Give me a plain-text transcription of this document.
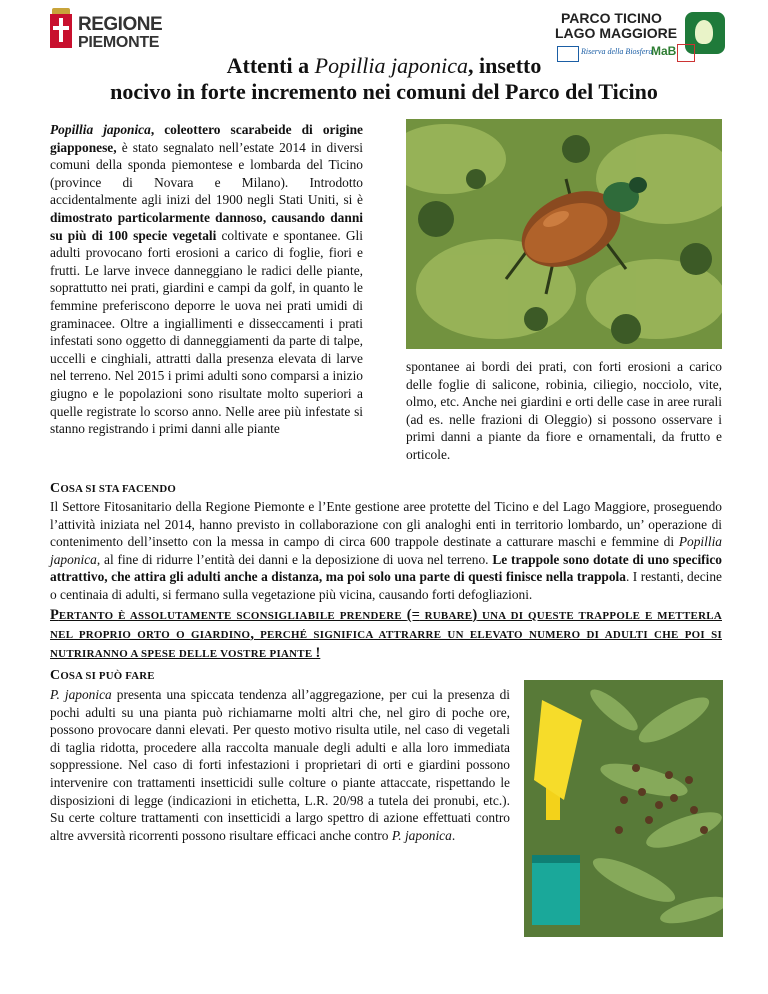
REGIONE
PIEMONTE
PARCO TICINO
LAGO MAGGIORE
Riserva della Biosfera
MaB
Attenti a Popillia japonica, insetto
nocivo in forte incremento nei comuni del Parco del Ticino
Popillia japonica, coleottero scarabeide di origine giapponese, è stato segnalato nell’estate 2014 in diversi comuni della sponda piemontese e lombarda del Ticino (province di Novara e Milano). Introdotto accidentalmente agli inizi del 1900 negli Stati Uniti, si è dimostrato particolarmente dannoso, causando danni su più di 100 specie vegetali coltivate e spontanee. Gli adulti provocano forti erosioni a carico di foglie, fiori e frutti. Le larve invece danneggiano le radici delle piante, soprattutto nei prati, giardini e campi da golf, in quanto le femmine preferiscono deporre le uova nei prati umidi di graminacee. Oltre a ingiallimenti e disseccamenti i prati infestati sono oggetto di danneggiamenti da parte di talpe, uccelli e cinghiali, attratti dalla presenza elevata di larve nel terreno. Nel 2015 i primi adulti sono comparsi a inizio giugno e le popolazioni sono risultate molto superiori a quelle registrate lo scorso anno. Nelle aree più infestate si stanno registrando i primi danni alle piante
spontanee ai bordi dei prati, con forti erosioni a carico delle foglie di salicone, robinia, ciliegio, nocciolo, vite, olmo, etc. Anche nei giardini e orti delle case in aree rurali (ad es. nelle frazioni di Oleggio) si possono osservare i primi danni a piante da fiore e ornamentali, da frutto e orticole.
COSA SI STA FACENDO
Il Settore Fitosanitario della Regione Piemonte e l’Ente gestione aree protette del Ticino e del Lago Maggiore, proseguendo l’attività iniziata nel 2014, hanno previsto in collaborazione con gli analoghi enti in territorio lombardo, un’ operazione di contenimento dell’insetto con la messa in campo di circa 600 trappole destinate a catturare maschi e femmine di Popillia japonica, al fine di ridurre l’entità dei danni e la deposizione di uova nel terreno. Le trappole sono dotate di uno specifico attrattivo, che attira gli adulti anche a distanza, ma poi solo una parte di questi finisce nella trappola. I restanti, decine o centinaia di adulti, si fermano sulla vegetazione più vicina, causando forti defogliazioni.
PERTANTO È ASSOLUTAMENTE SCONSIGLIABILE PRENDERE (= RUBARE) UNA DI QUESTE TRAPPOLE E METTERLA NEL PROPRIO ORTO O GIARDINO, PERCHÉ SIGNIFICA ATTRARRE UN ELEVATO NUMERO DI ADULTI CHE POI SI NUTRIRANNO A SPESE DELLE VOSTRE PIANTE !
COSA SI PUÒ FARE
P. japonica presenta una spiccata tendenza all’aggregazione, per cui la presenza di pochi adulti su una pianta può richiamarne molti altri che, nel giro di poche ore, possono provocare danni elevati. Per questo motivo risulta utile, nel caso di vegetali di taglia ridotta, procedere alla raccolta manuale degli adulti e alla loro immediata soppressione. Nel caso di forti infestazioni i proprietari di orti e giardini possono intervenire con trattamenti insetticidi sulle colture o piante attaccate, rispettando le disposizioni di legge (indicazioni in etichetta, L.R. 20/98 a tutela dei pronubi, etc.). Su certe colture trattamenti con insetticidi a largo spettro di azione effettuati contro altre avversità ricorrenti possono risultare efficaci anche contro P. japonica.
